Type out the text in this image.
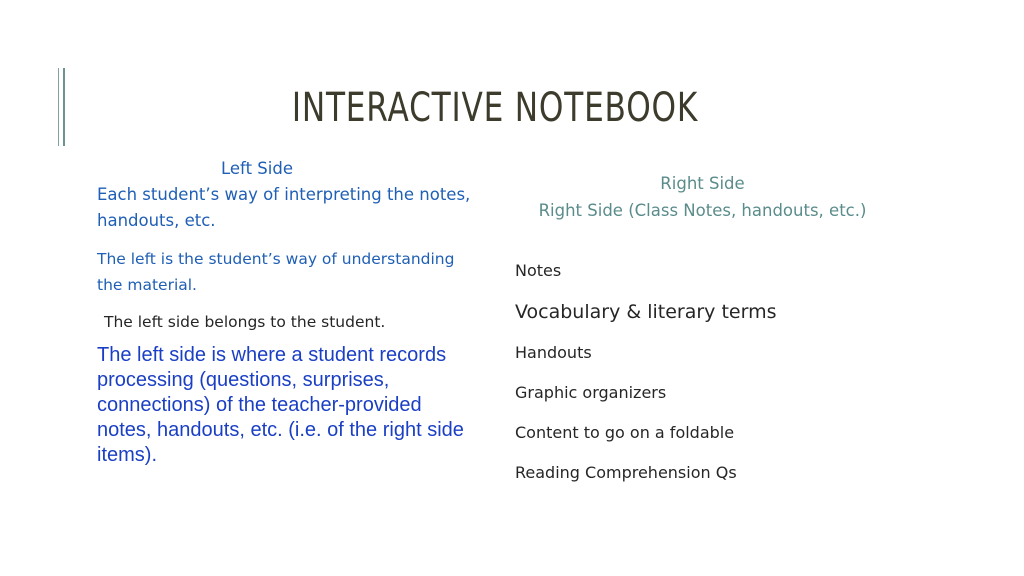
INTERACTIVE NOTEBOOK
Left Side
Each student’s way of interpreting the notes, handouts, etc.
The left is the student’s way of understanding the material.
The left side belongs to the student.
The left side is where a student records processing (questions, surprises, connections) of the teacher-provided notes, handouts, etc. (i.e. of the right side items).
Right Side
Right Side (Class Notes, handouts, etc.)
Notes
Vocabulary & literary terms
Handouts
Graphic organizers
Content to go on a foldable
Reading Comprehension Qs
